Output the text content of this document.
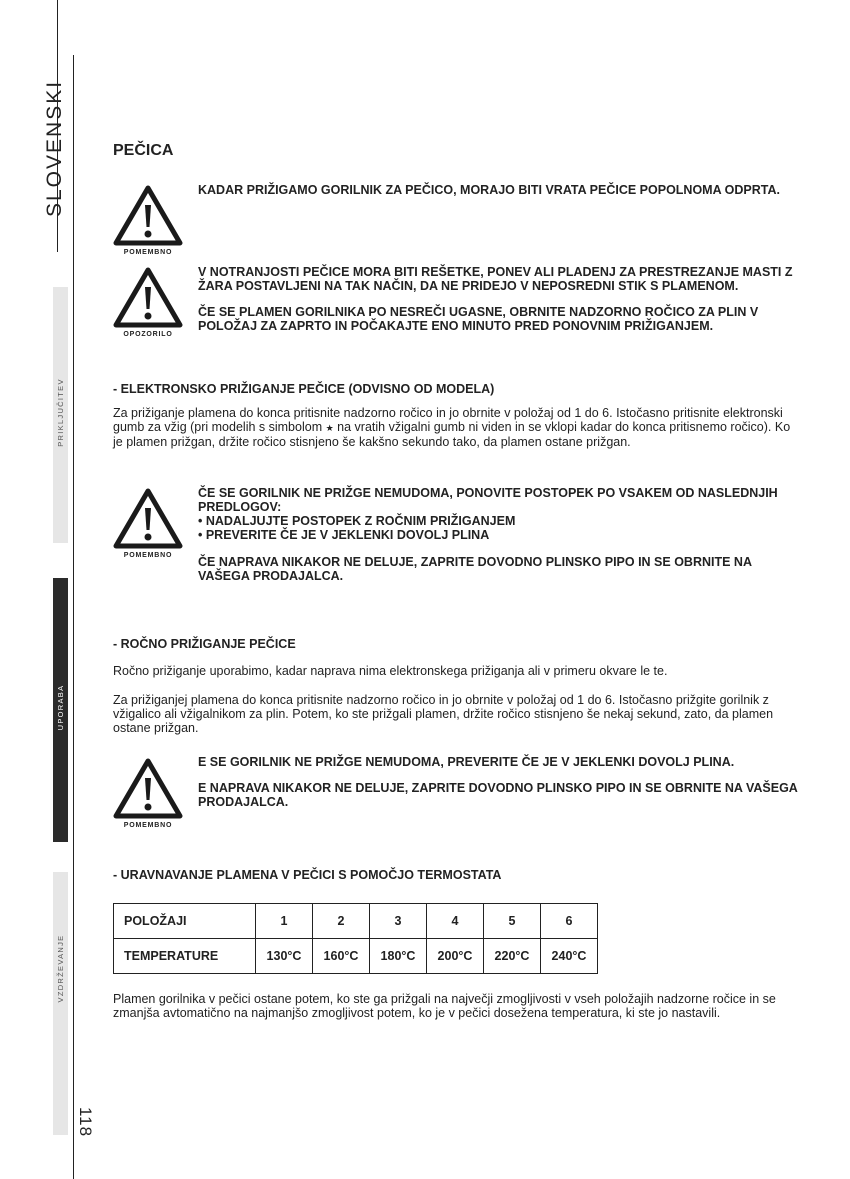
SLOVENSKI
PRIKLJUČITEV
UPORABA
VZDRŽEVANJE
118
PEČICA
POMEMBNO

KADAR PRIŽIGAMO GORILNIK ZA PEČICO, MORAJO BITI VRATA PEČICE POPOLNOMA ODPRTA.

OPOZORILO

V NOTRANJOSTI PEČICE MORA BITI REŠETKE, PONEV ALI PLADENJ ZA PRESTREZANJE MASTI Z ŽARA POSTAVLJENI NA TAK NAČIN, DA NE PRIDEJO V NEPOSREDNI STIK S PLAMENOM.

ČE SE PLAMEN GORILNIKA PO NESREČI UGASNE, OBRNITE NADZORNO ROČICO ZA PLIN V POLOŽAJ ZA ZAPRTO IN POČAKAJTE ENO MINUTO PRED PONOVNIM PRIŽIGANJEM.

- ELEKTRONSKO PRIŽIGANJE PEČICE (ODVISNO OD MODELA)
Za prižiganje plamena do konca pritisnite nadzorno ročico in jo obrnite v položaj od 1 do 6. Istočasno pritisnite elektronski gumb za vžig (pri modelih s simbolom ★ na vratih vžigalni gumb ni viden in se vklopi kadar do konca pritisnemo ročico). Ko je plamen prižgan, držite ročico stisnjeno še kakšno sekundo tako, da plamen ostane prižgan.
POMEMBNO
ČE SE GORILNIK NE PRIŽGE NEMUDOMA, PONOVITE POSTOPEK PO VSAKEM OD NASLEDNJIH PREDLOGOV:
• NADALJUJTE POSTOPEK Z ROČNIM PRIŽIGANJEM
• PREVERITE ČE JE V JEKLENKI DOVOLJ PLINA
ČE NAPRAVA NIKAKOR NE DELUJE, ZAPRITE DOVODNO PLINSKO PIPO IN SE OBRNITE NA VAŠEGA PRODAJALCA.
- ROČNO PRIŽIGANJE PEČICE
Ročno prižiganje uporabimo, kadar naprava nima elektronskega prižiganja ali v primeru okvare le te.
Za prižiganjej plamena do konca pritisnite nadzorno ročico in jo obrnite v položaj od 1 do 6. Istočasno prižgite gorilnik z vžigalico ali vžigalnikom za plin. Potem, ko ste prižgali plamen, držite ročico stisnjeno še nekaj sekund, zato, da plamen ostane prižgan.
POMEMBNO

E SE GORILNIK NE PRIŽGE NEMUDOMA, PREVERITE ČE JE V JEKLENKI DOVOLJ PLINA.

E NAPRAVA NIKAKOR NE DELUJE, ZAPRITE DOVODNO PLINSKO PIPO IN SE OBRNITE NA VAŠEGA PRODAJALCA.

- URAVNAVANJE PLAMENA V PEČICI S POMOČJO TERMOSTATA
POLOŽAJI	1	2	3	4	5	6
TEMPERATURE	130°C	160°C	180°C	200°C	220°C	240°C
Plamen gorilnika v pečici ostane potem, ko ste ga prižgali na največji zmogljivosti v vseh položajih nadzorne ročice in se zmanjša avtomatično na najmanjšo zmogljivost potem, ko je v pečici dosežena temperatura, ki ste jo nastavili.
